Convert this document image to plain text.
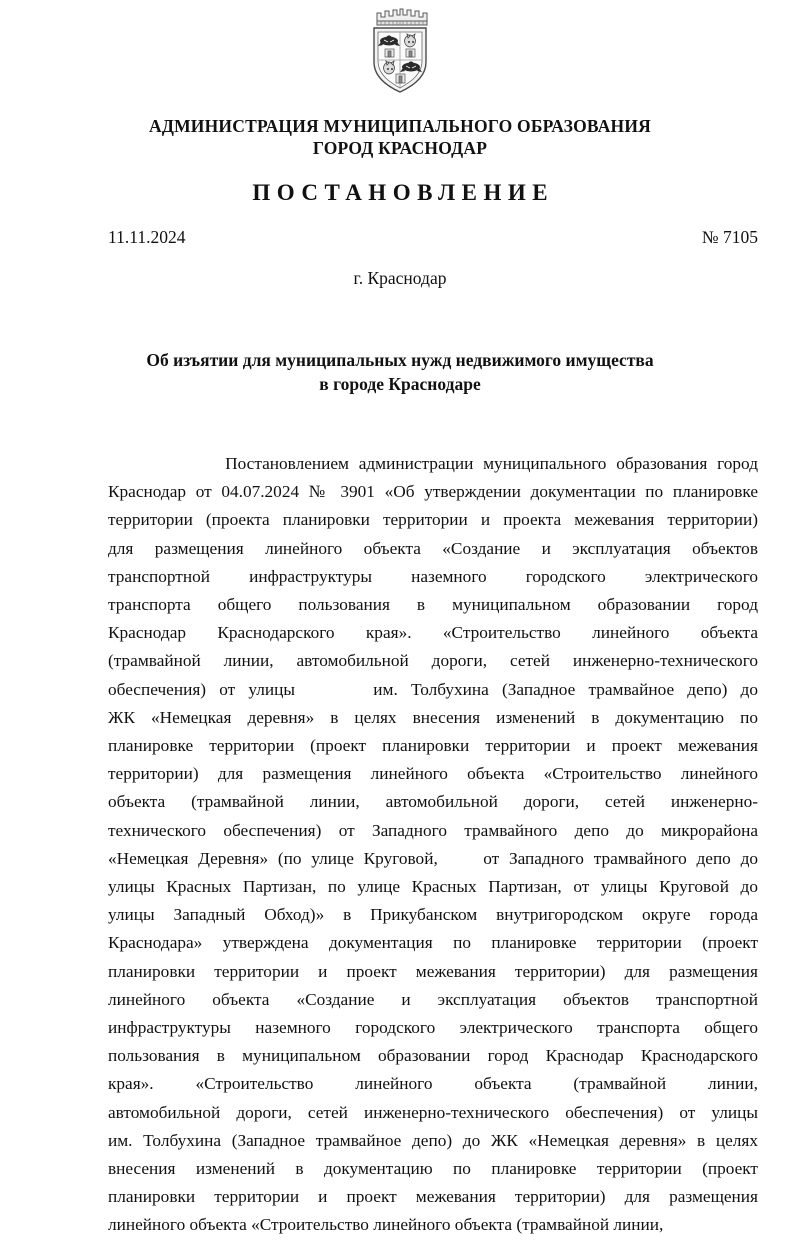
АДМИНИСТРАЦИЯ МУНИЦИПАЛЬНОГО ОБРАЗОВАНИЯ
ГОРОД КРАСНОДАР
ПОСТАНОВЛЕНИЕ
11.11.2024	№ 7105
г. Краснодар
Об изъятии для муниципальных нужд недвижимого имущества
в городе Краснодаре

Постановлением администрации муниципального образования город
Краснодар от 04.07.2024 № 3901 «Об утверждении документации по планировке
территории (проекта планировки территории и проекта межевания территории)
для размещения линейного объекта «Создание и эксплуатация объектов
транспортной инфраструктуры наземного городского электрического
транспорта общего пользования в муниципальном образовании город
Краснодар Краснодарского края». «Строительство линейного объекта
(трамвайной линии, автомобильной дороги, сетей инженерно-технического
обеспечения) от улицы	им. Толбухина (Западное трамвайное депо) до
ЖК «Немецкая деревня» в целях внесения изменений в документацию по
планировке территории (проект планировки территории и проект межевания
территории) для размещения линейного объекта «Строительство линейного
объекта (трамвайной линии, автомобильной дороги, сетей инженерно-
технического обеспечения) от Западного трамвайного депо до микрорайона
«Немецкая Деревня» (по улице Круговой,  от Западного трамвайного депо до
улицы Красных Партизан, по улице Красных Партизан, от улицы Круговой до
улицы Западный Обход)» в Прикубанском внутригородском округе города
Краснодара» утверждена документация по планировке территории (проект
планировки территории и проект межевания территории) для размещения
линейного объекта «Создание и эксплуатация объектов транспортной
инфраструктуры наземного городского электрического транспорта общего
пользования в муниципальном образовании город Краснодар Краснодарского
края». «Строительство линейного объекта (трамвайной линии,
автомобильной дороги, сетей инженерно-технического обеспечения) от улицы
им. Толбухина (Западное трамвайное депо) до ЖК «Немецкая деревня» в целях
внесения изменений в документацию по планировке территории (проект
планировки территории и проект межевания территории) для размещения
линейного объекта «Строительство линейного объекта (трамвайной линии,
